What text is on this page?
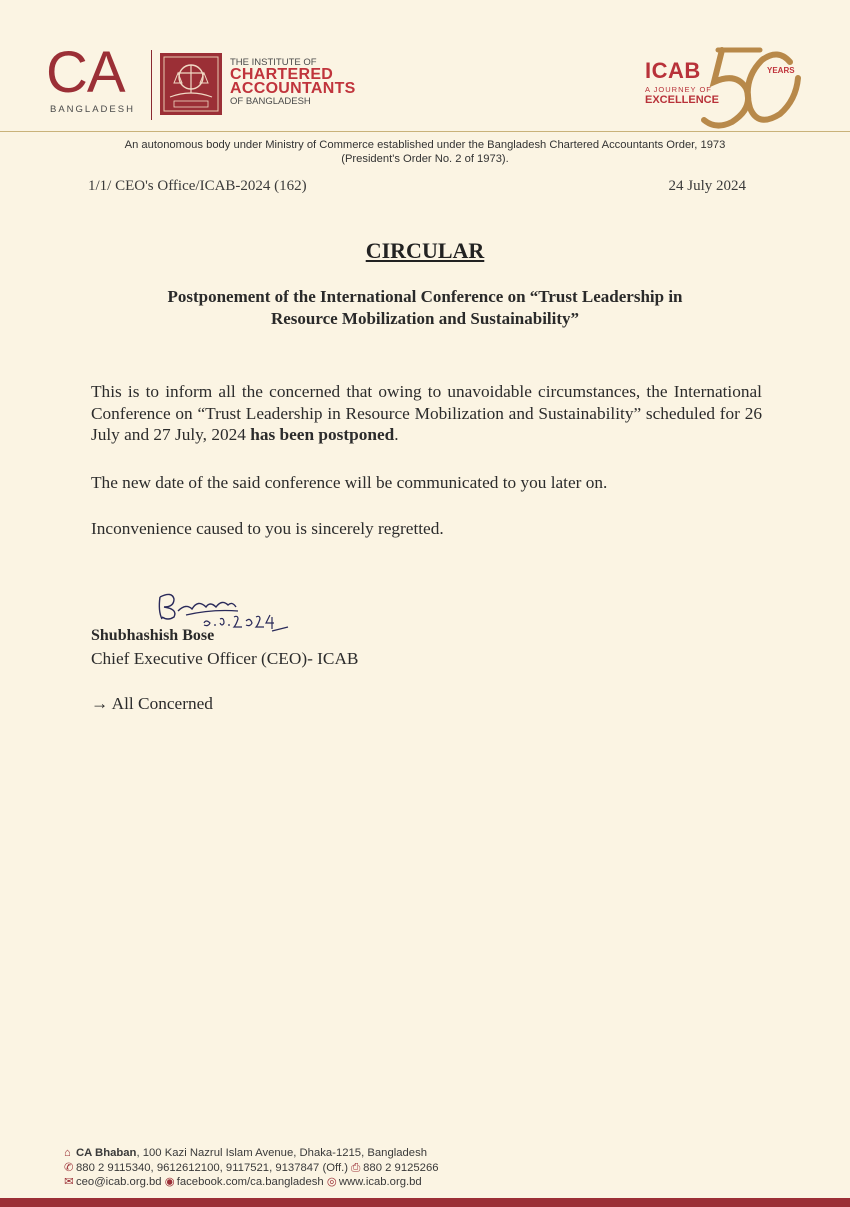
CA
BANGLADESH
THE INSTITUTE OF
CHARTERED
ACCOUNTANTS
OF BANGLADESH
ICAB
A JOURNEY OF
EXCELLENCE
YEARS
An autonomous body under Ministry of Commerce established under the Bangladesh Chartered Accountants Order, 1973
(President's Order No. 2 of 1973).
1/1/ CEO's Office/ICAB-2024 (162)	24 July 2024
CIRCULAR
Postponement of the International Conference on “Trust Leadership in
Resource Mobilization and Sustainability”

This is to inform all the concerned that owing to unavoidable circumstances, the International Conference on “Trust Leadership in Resource Mobilization and Sustainability” scheduled for 26 July and 27 July, 2024 has been postponed.

The new date of the said conference will be communicated to you later on.

Inconvenience caused to you is sincerely regretted.

Shubhashish Bose
Chief Executive Officer (CEO)- ICAB
→ All Concerned
⌂ CA Bhaban, 100 Kazi Nazrul Islam Avenue, Dhaka-1215, Bangladesh
✆ 880 2 9115340, 9612612100, 9117521, 9137847 (Off.) ⎙ 880 2 9125266
✉ ceo@icab.org.bd ◉ facebook.com/ca.bangladesh ◎ www.icab.org.bd
